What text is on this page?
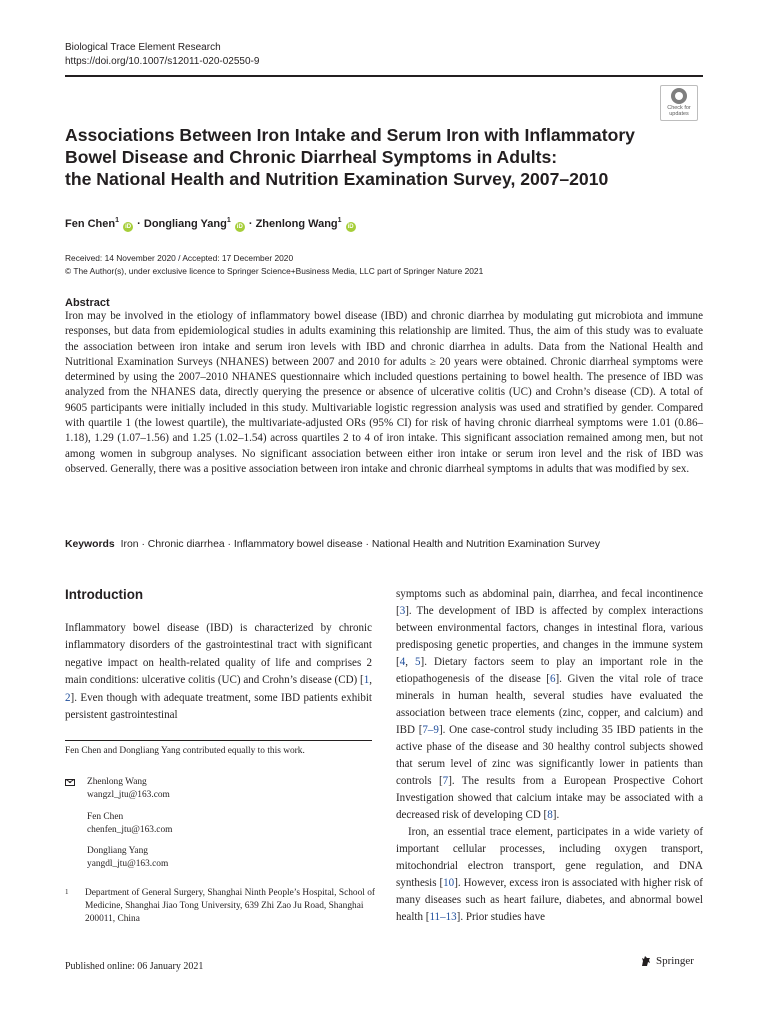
Biological Trace Element Research
https://doi.org/10.1007/s12011-020-02550-9
Check for updates
Associations Between Iron Intake and Serum Iron with Inflammatory
Bowel Disease and Chronic Diarrheal Symptoms in Adults:
the National Health and Nutrition Examination Survey, 2007–2010
Fen Chen$^1$ iD · Dongliang Yang$^1$ iD · Zhenlong Wang$^1$ iD
Received: 14 November 2020 / Accepted: 17 December 2020
© The Author(s), under exclusive licence to Springer Science+Business Media, LLC part of Springer Nature 2021
Abstract

Iron may be involved in the etiology of inflammatory bowel disease (IBD) and chronic diarrhea by modulating gut microbiota and immune responses, but data from epidemiological studies in adults examining this relationship are limited. Thus, the aim of this study was to evaluate the association between iron intake and serum iron levels with IBD and chronic diarrhea in adults. Data from the National Health and Nutritional Examination Surveys (NHANES) between 2007 and 2010 for adults ≥ 20 years were obtained. Chronic diarrheal symptoms were determined by using the 2007–2010 NHANES questionnaire which included questions pertaining to bowel health. The presence of IBD was analyzed from the NHANES data, directly querying the presence or absence of ulcerative colitis (UC) and Crohn’s disease (CD). A total of 9605 participants were initially included in this study. Multivariable logistic regression analysis was used and stratified by gender. Compared with quartile 1 (the lowest quartile), the multivariate-adjusted ORs (95% CI) for risk of having chronic diarrheal symptoms were 1.01 (0.86–1.18), 1.29 (1.07–1.56) and 1.25 (1.02–1.54) across quartiles 2 to 4 of iron intake. This significant association remained among men, but not among women in subgroup analyses. No significant association between either iron intake or serum iron level and the risk of IBD was observed. Generally, there was a positive association between iron intake and chronic diarrheal symptoms in adults that was modified by sex.

Keywords Iron · Chronic diarrhea · Inflammatory bowel disease · National Health and Nutrition Examination Survey
Introduction

Inflammatory bowel disease (IBD) is characterized by chronic inflammatory disorders of the gastrointestinal tract with significant negative impact on health-related quality of life and comprises 2 main conditions: ulcerative colitis (UC) and Crohn’s disease (CD) [1, 2]. Even though with adequate treatment, some IBD patients exhibit persistent gastrointestinal

Fen Chen and Dongliang Yang contributed equally to this work.
Zhenlong Wang
wangzl_jtu@163.com
Fen Chen
chenfen_jtu@163.com
Dongliang Yang
yangdl_jtu@163.com
1 Department of General Surgery, Shanghai Ninth People’s Hospital, School of Medicine, Shanghai Jiao Tong University, 639 Zhi Zao Ju Road, Shanghai 200011, China
Published online: 06 January 2021	Springer

symptoms such as abdominal pain, diarrhea, and fecal incontinence [3]. The development of IBD is affected by complex interactions between environmental factors, changes in intestinal flora, various predisposing genetic properties, and changes in the immune system [4, 5]. Dietary factors seem to play an important role in the etiopathogenesis of the disease [6]. Given the vital role of trace minerals in human health, several studies have evaluated the association between trace elements (zinc, copper, and calcium) and IBD [7–9]. One case-control study including 35 IBD patients in the active phase of the disease and 30 healthy control subjects showed that serum level of zinc was significantly lower in patients than controls [7]. The results from a European Prospective Cohort Investigation showed that calcium intake may be associated with a decreased risk of developing CD [8].

Iron, an essential trace element, participates in a wide variety of important cellular processes, including oxygen transport, mitochondrial electron transport, gene regulation, and DNA synthesis [10]. However, excess iron is associated with higher risk of many diseases such as heart failure, diabetes, and abnormal bowel health [11–13]. Prior studies have
